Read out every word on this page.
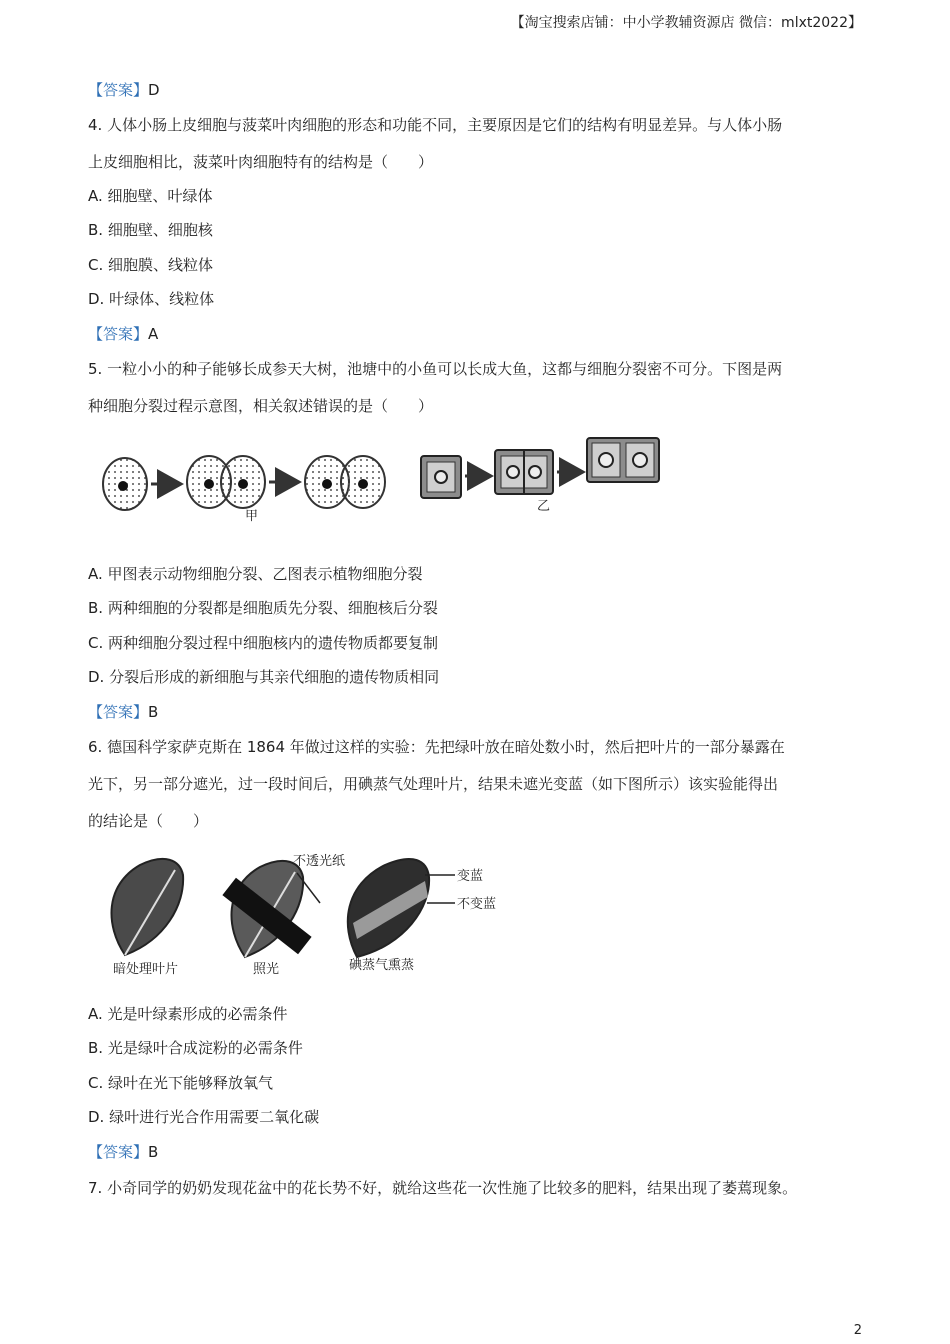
【淘宝搜索店铺：中小学教辅资源店 微信：mlxt2022】
【答案】D
4. 人体小肠上皮细胞与菠菜叶肉细胞的形态和功能不同，主要原因是它们的结构有明显差异。与人体小肠
上皮细胞相比，菠菜叶肉细胞特有的结构是（　　）
A. 细胞壁、叶绿体
B. 细胞壁、细胞核
C. 细胞膜、线粒体
D. 叶绿体、线粒体
【答案】A
5. 一粒小小的种子能够长成参天大树，池塘中的小鱼可以长成大鱼，这都与细胞分裂密不可分。下图是两
种细胞分裂过程示意图，相关叙述错误的是（　　）
甲
乙
A. 甲图表示动物细胞分裂、乙图表示植物细胞分裂
B. 两种细胞的分裂都是细胞质先分裂、细胞核后分裂
C. 两种细胞分裂过程中细胞核内的遗传物质都要复制
D. 分裂后形成的新细胞与其亲代细胞的遗传物质相同
【答案】B
6. 德国科学家萨克斯在 1864 年做过这样的实验：先把绿叶放在暗处数小时，然后把叶片的一部分暴露在
光下，另一部分遮光，过一段时间后，用碘蒸气处理叶片，结果未遮光变蓝（如下图所示）该实验能得出
的结论是（　　）
暗处理叶片
不透光纸
照光
变蓝
不变蓝
碘蒸气熏蒸
A. 光是叶绿素形成的必需条件
B. 光是绿叶合成淀粉的必需条件
C. 绿叶在光下能够释放氧气
D. 绿叶进行光合作用需要二氧化碳
【答案】B
7. 小奇同学的奶奶发现花盆中的花长势不好，就给这些花一次性施了比较多的肥料，结果出现了萎蔫现象。
2
